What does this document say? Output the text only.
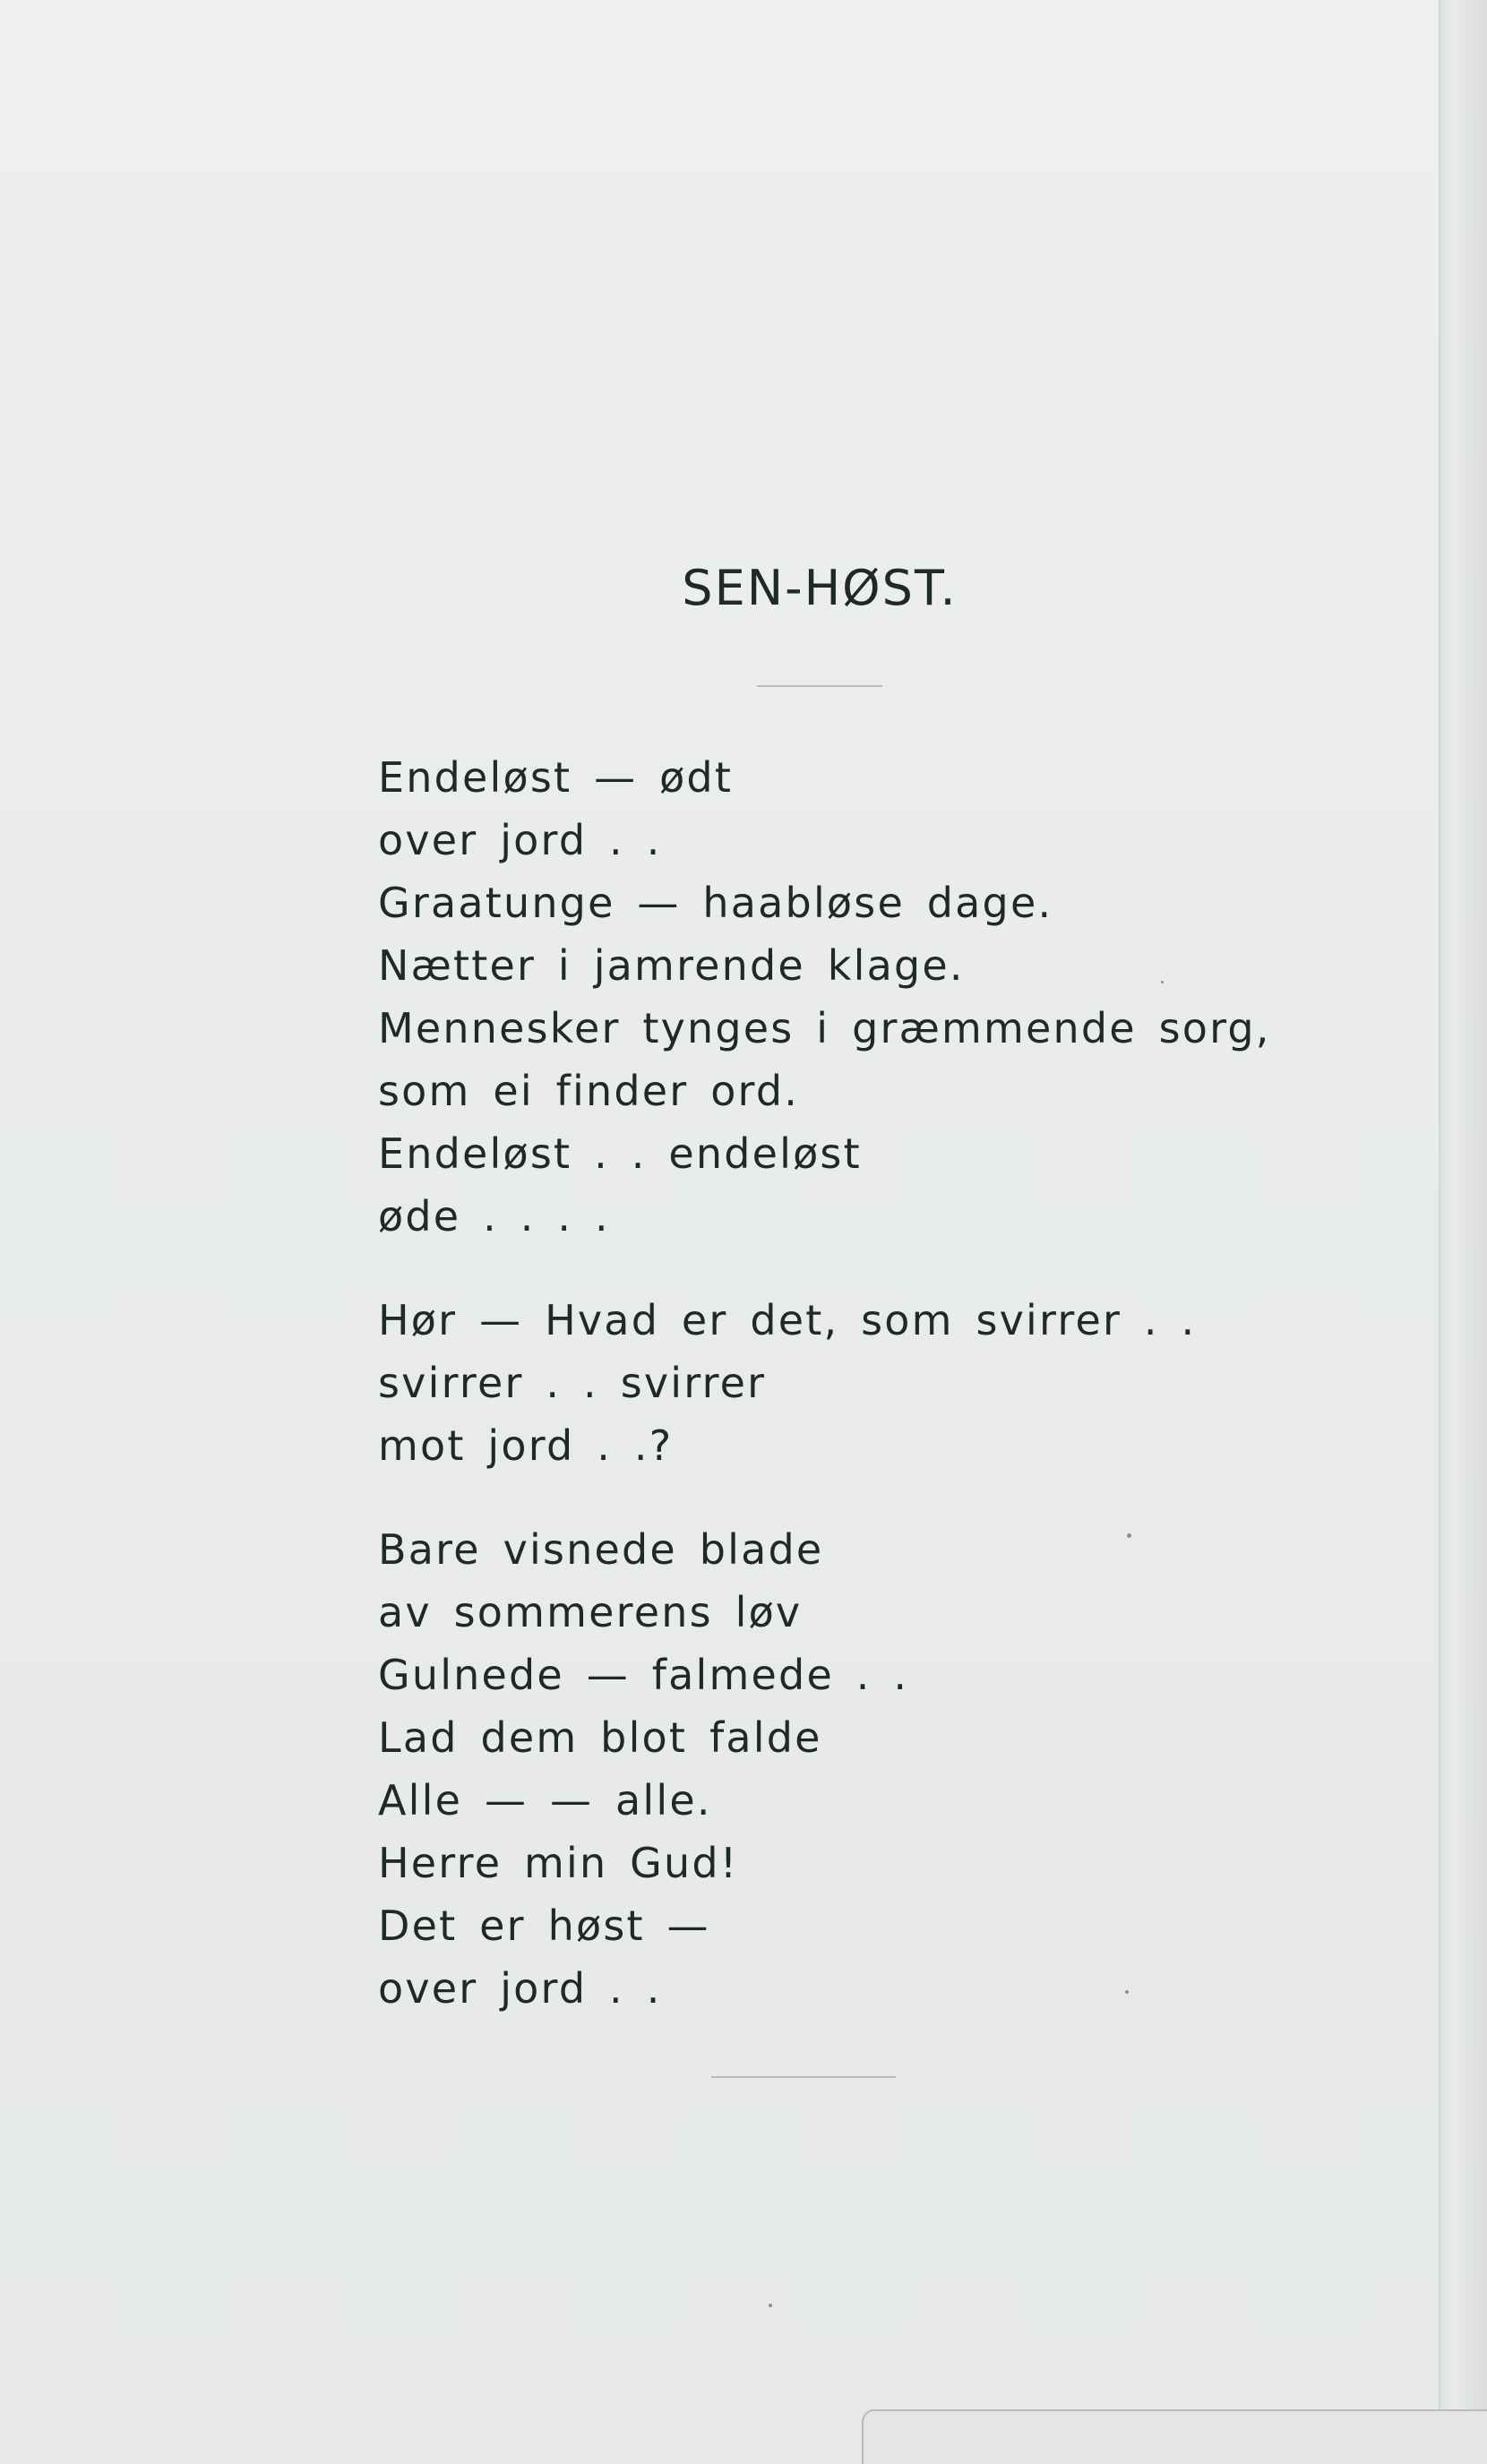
SEN-HØST.
Endeløst — ødt
over jord . .
Graatunge — haabløse dage.
Nætter i jamrende klage.
Mennesker tynges i græmmende sorg,
som ei finder ord.
Endeløst . . endeløst
øde . . . .
Hør — Hvad er det, som svirrer . .
svirrer . . svirrer
mot jord . .?
Bare visnede blade
av sommerens løv
Gulnede — falmede . .
Lad dem blot falde
Alle — — alle.
Herre min Gud!
Det er høst —
over jord . .
